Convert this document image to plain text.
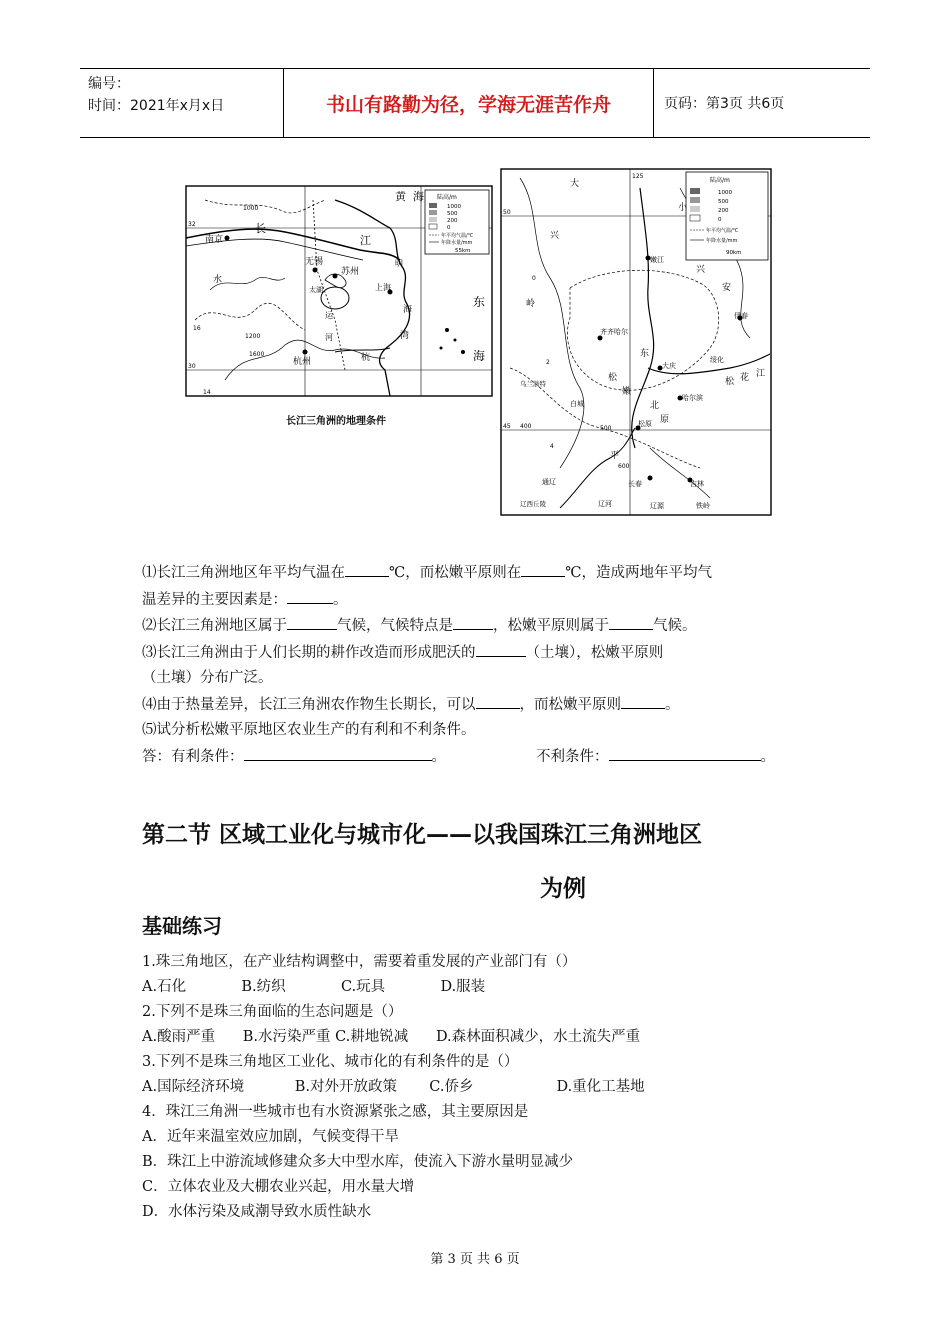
编号：
时间：2021年x月x日	书山有路勤为径，学海无涯苦作舟	页码：第3页 共6页
陆高/m
1000
500
200
0
年平均气温/℃
年降水量/mm
55km
黄 海
长
江
南京
无锡
苏州
上海
太湖
杭州	杭
湾
东
海
水
运
河
明
海
1000
1200
1600
16
14
32
30
长江三角洲的地理条件
陆高/m
1000
500
200
0
年平均气温/℃
年降水量/mm
90km
大
兴
小
兴
安
岭
嫩江
齐齐哈尔
大庆
松 花 江
哈尔滨
松
嫩
东
北
平
原
松原
长春	吉林
乌兰浩特
白城
伊春
绥化
通辽
辽河	辽源
辽西丘陵	铁岭
125
50
45 400	500
600
0
2
4

⑴长江三角洲地区年平均气温在	℃，而松嫩平原则在	℃，造成两地年平均气

温差异的主要因素是：	。

⑵长江三角洲地区属于	气候，气候特点是	，松嫩平原则属于	气候。

⑶长江三角洲由于人们长期的耕作改造而形成肥沃的	（土壤），松嫩平原则

（土壤）分布广泛。

⑷由于热量差异，长江三角洲农作物生长期长，可以	，而松嫩平原则	。

⑸试分析松嫩平原地区农业生产的有利和不利条件。

答：有利条件：	。	不利条件：	。

第二节 区域工业化与城市化——以我国珠江三角洲地区
为例
基础练习

1.珠三角地区，在产业结构调整中，需要着重发展的产业部门有（）

A.石化            B.纺织            C.玩具            D.服装

2.下列不是珠三角面临的生态问题是（）

A.酸雨严重      B.水污染严重 C.耕地锐减      D.森林面积减少，水土流失严重

3.下列不是珠三角地区工业化、城市化的有利条件的是（）

A.国际经济环境           B.对外开放政策       C.侨乡                  D.重化工基地

4．珠江三角洲一些城市也有水资源紧张之感，其主要原因是

A．近年来温室效应加剧，气候变得干旱

B．珠江上中游流域修建众多大中型水库，使流入下游水量明显减少

C．立体农业及大棚农业兴起，用水量大增

D．水体污染及咸潮导致水质性缺水

第 3 页 共 6 页
